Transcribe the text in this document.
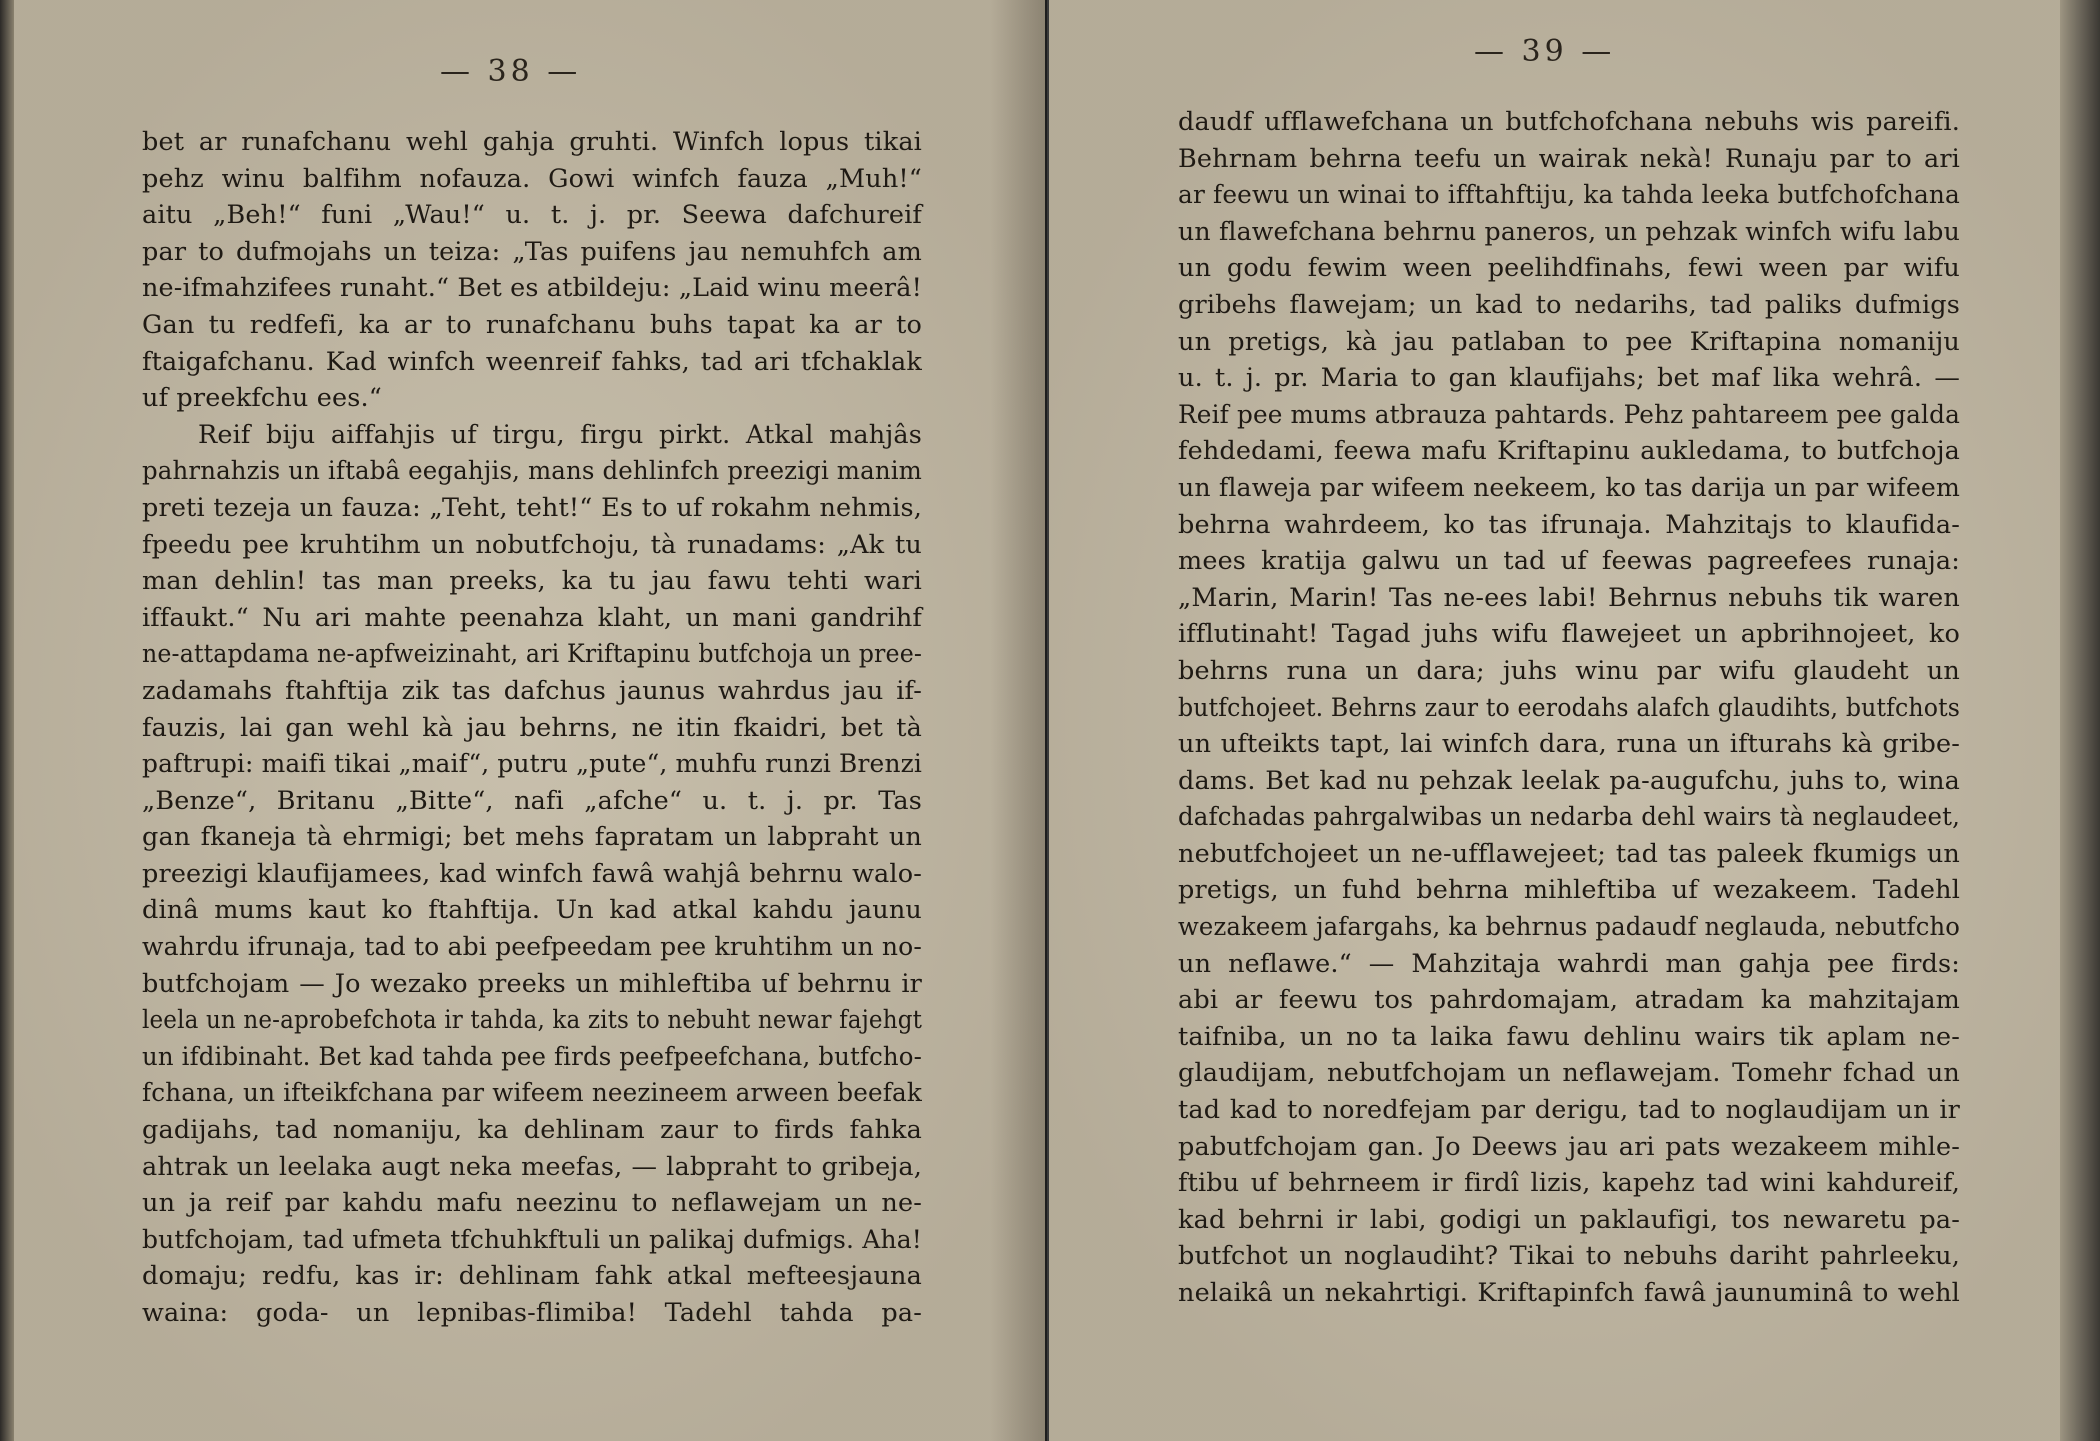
— 38 —
bet ar runafchanu wehl gahja gruhti. Winfch lopus tikai
pehz winu balfihm nofauza. Gowi winfch fauza „Muh!“
aitu „Beh!“ funi „Wau!“ u. t. j. pr. Seewa dafchureif
par to dufmojahs un teiza: „Tas puifens jau nemuhfch am
ne-ifmahzifees runaht.“ Bet es atbildeju: „Laid winu meerâ!
Gan tu redfefi, ka ar to runafchanu buhs tapat ka ar to
ftaigafchanu. Kad winfch weenreif fahks, tad ari tfchaklak
uf preekfchu ees.“
Reif biju aiffahjis uf tirgu, firgu pirkt. Atkal mahjâs
pahrnahzis un iftabâ eegahjis, mans dehlinfch preezigi manim
preti tezeja un fauza: „Teht, teht!“ Es to uf rokahm nehmis,
fpeedu pee kruhtihm un nobutfchoju, tà runadams: „Ak tu
man dehlin! tas man preeks, ka tu jau fawu tehti wari
iffaukt.“ Nu ari mahte peenahza klaht, un mani gandrihf
ne-attapdama ne-apfweizinaht, ari Kriftapinu butfchoja un pree-
zadamahs ftahftija zik tas dafchus jaunus wahrdus jau if-
fauzis, lai gan wehl kà jau behrns, ne itin fkaidri, bet tà
paftrupi: maifi tikai „maif“, putru „pute“, muhfu runzi Brenzi
„Benze“, Britanu „Bitte“, nafi „afche“ u. t. j. pr. Tas
gan fkaneja tà ehrmigi; bet mehs fapratam un labpraht un
preezigi klaufijamees, kad winfch fawâ wahjâ behrnu walo-
dinâ mums kaut ko ftahftija. Un kad atkal kahdu jaunu
wahrdu ifrunaja, tad to abi peefpeedam pee kruhtihm un no-
butfchojam — Jo wezako preeks un mihleftiba uf behrnu ir
leela un ne-aprobefchota ir tahda, ka zits to nebuht newar fajehgt
un ifdibinaht. Bet kad tahda pee firds peefpeefchana, butfcho-
fchana, un ifteikfchana par wifeem neezineem arween beefak
gadijahs, tad nomaniju, ka dehlinam zaur to firds fahka
ahtrak un leelaka augt neka meefas, — labpraht to gribeja,
un ja reif par kahdu mafu neezinu to neflawejam un ne-
butfchojam, tad ufmeta tfchuhkftuli un palikaj dufmigs. Aha!
domaju; redfu, kas ir: dehlinam fahk atkal mefteesjauna
waina: goda- un lepnibas-flimiba! Tadehl tahda pa-
— 39 —
daudf ufflawefchana un butfchofchana nebuhs wis pareifi.
Behrnam behrna teefu un wairak nekà! Runaju par to ari
ar feewu un winai to ifftahftiju, ka tahda leeka butfchofchana
un flawefchana behrnu paneros, un pehzak winfch wifu labu
un godu fewim ween peelihdfinahs, fewi ween par wifu
gribehs flawejam; un kad to nedarihs, tad paliks dufmigs
un pretigs, kà jau patlaban to pee Kriftapina nomaniju
u. t. j. pr. Maria to gan klaufijahs; bet maf lika wehrâ. —
Reif pee mums atbrauza pahtards. Pehz pahtareem pee galda
fehdedami, feewa mafu Kriftapinu aukledama, to butfchoja
un flaweja par wifeem neekeem, ko tas darija un par wifeem
behrna wahrdeem, ko tas ifrunaja. Mahzitajs to klaufida-
mees kratija galwu un tad uf feewas pagreefees runaja:
„Marin, Marin! Tas ne-ees labi! Behrnus nebuhs tik waren
ifflutinaht! Tagad juhs wifu flawejeet un apbrihnojeet, ko
behrns runa un dara; juhs winu par wifu glaudeht un
butfchojeet. Behrns zaur to eerodahs alafch glaudihts, butfchots
un ufteikts tapt, lai winfch dara, runa un ifturahs kà gribe-
dams. Bet kad nu pehzak leelak pa-augufchu, juhs to, wina
dafchadas pahrgalwibas un nedarba dehl wairs tà neglaudeet,
nebutfchojeet un ne-ufflawejeet; tad tas paleek fkumigs un
pretigs, un fuhd behrna mihleftiba uf wezakeem. Tadehl
wezakeem jafargahs, ka behrnus padaudf neglauda, nebutfcho
un neflawe.“ — Mahzitaja wahrdi man gahja pee firds:
abi ar feewu tos pahrdomajam, atradam ka mahzitajam
taifniba, un no ta laika fawu dehlinu wairs tik aplam ne-
glaudijam, nebutfchojam un neflawejam. Tomehr fchad un
tad kad to noredfejam par derigu, tad to noglaudijam un ir
pabutfchojam gan. Jo Deews jau ari pats wezakeem mihle-
ftibu uf behrneem ir firdî lizis, kapehz tad wini kahdureif,
kad behrni ir labi, godigi un paklaufigi, tos newaretu pa-
butfchot un noglaudiht? Tikai to nebuhs dariht pahrleeku,
nelaikâ un nekahrtigi. Kriftapinfch fawâ jaunuminâ to wehl
